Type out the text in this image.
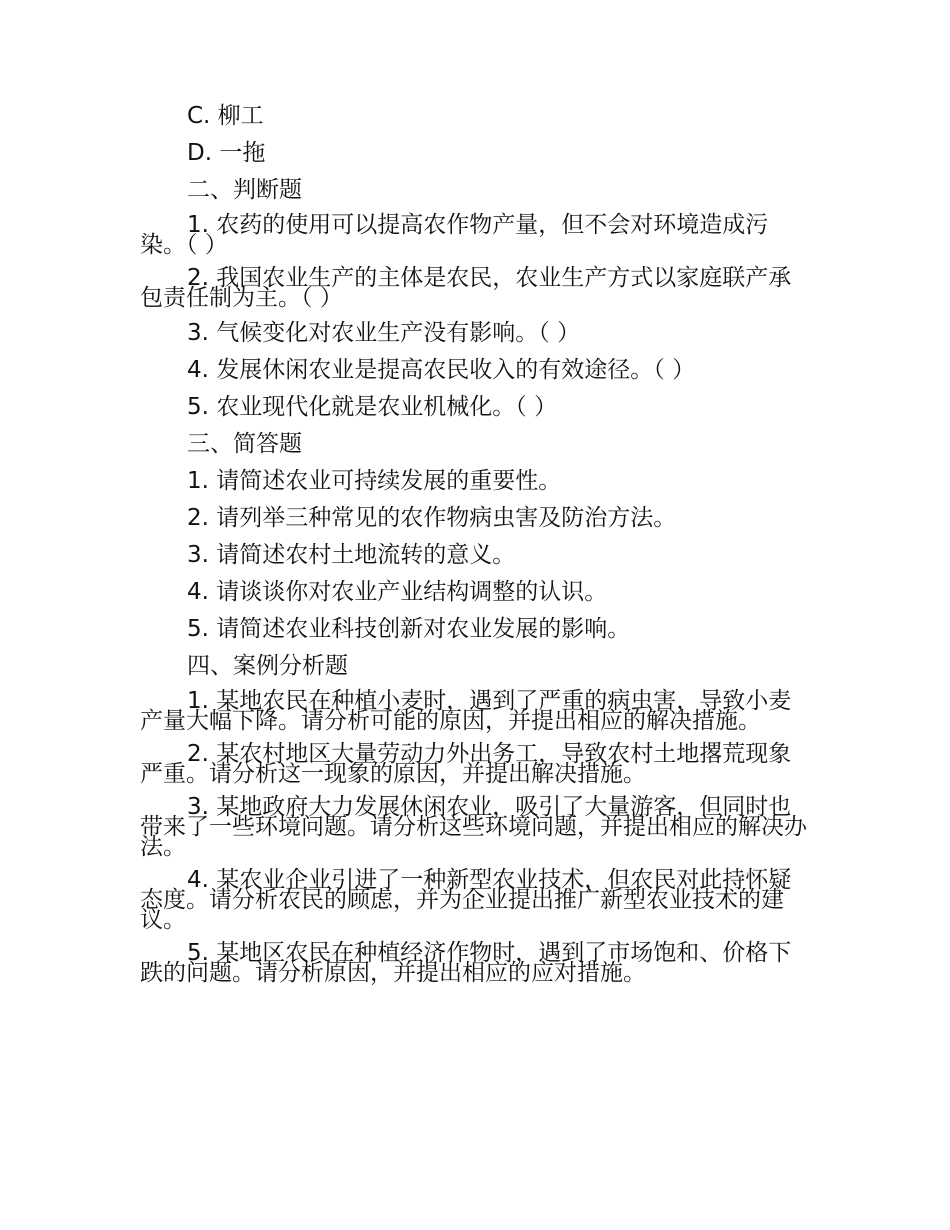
C. 柳工

D. 一拖

二、判断题

1. 农药的使用可以提高农作物产量，但不会对环境造成污染。（ ）

2. 我国农业生产的主体是农民，农业生产方式以家庭联产承包责任制为主。（ ）

3. 气候变化对农业生产没有影响。（ ）

4. 发展休闲农业是提高农民收入的有效途径。（ ）

5. 农业现代化就是农业机械化。（ ）

三、简答题

1. 请简述农业可持续发展的重要性。

2. 请列举三种常见的农作物病虫害及防治方法。

3. 请简述农村土地流转的意义。

4. 请谈谈你对农业产业结构调整的认识。

5. 请简述农业科技创新对农业发展的影响。

四、案例分析题

1. 某地农民在种植小麦时，遇到了严重的病虫害，导致小麦产量大幅下降。请分析可能的原因，并提出相应的解决措施。

2. 某农村地区大量劳动力外出务工，导致农村土地撂荒现象严重。请分析这一现象的原因，并提出解决措施。

3. 某地政府大力发展休闲农业，吸引了大量游客，但同时也带来了一些环境问题。请分析这些环境问题，并提出相应的解决办法。

4. 某农业企业引进了一种新型农业技术，但农民对此持怀疑态度。请分析农民的顾虑，并为企业提出推广新型农业技术的建议。

5. 某地区农民在种植经济作物时，遇到了市场饱和、价格下跌的问题。请分析原因，并提出相应的应对措施。
